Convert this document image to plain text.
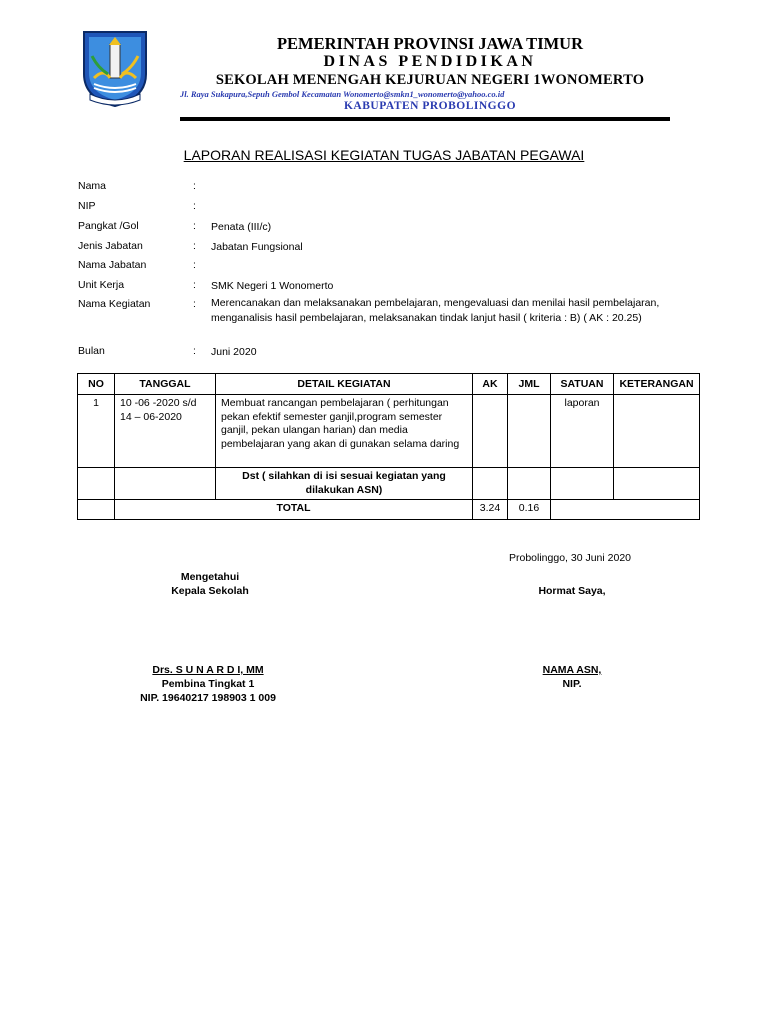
PEMERINTAH PROVINSI JAWA TIMUR
DINAS PENDIDIKAN
SEKOLAH MENENGAH KEJURUAN NEGERI 1WONOMERTO
Jl. Raya Sukapura,Sepuh Gembol Kecamatan Wonomerto@smkn1_wonomerto@yahoo.co.id
KABUPATEN PROBOLINGGO
LAPORAN REALISASI KEGIATAN TUGAS JABATAN PEGAWAI
Nama	:
NIP	:
Pangkat /Gol	: Penata (III/c)
Jenis Jabatan	: Jabatan Fungsional
Nama Jabatan	:
Unit Kerja	: SMK Negeri 1 Wonomerto
Nama Kegiatan	: Merencanakan dan melaksanakan pembelajaran, mengevaluasi dan menilai hasil pembelajaran, menganalisis hasil pembelajaran, melaksanakan tindak lanjut hasil ( kriteria : B) ( AK : 20.25)
Bulan	: Juni 2020
NO	TANGGAL	DETAIL KEGIATAN	AK	JML	SATUAN	KETERANGAN

1	10 -06 -2020 s/d 14 – 06-2020	Membuat rancangan pembelajaran ( perhitungan pekan efektif semester ganjil,program semester ganjil, pekan ulangan harian) dan media pembelajaran yang akan di gunakan selama daring			laporan	

		Dst ( silahkan di isi sesuai kegiatan yang dilakukan ASN)				

	TOTAL		3.24	0.16		

Probolinggo, 30 Juni 2020
Mengetahui
Kepala Sekolah	Hormat Saya,
Drs. S U N A R D I, MM
Pembina Tingkat 1
NIP. 19640217 198903 1 009
NAMA ASN,
NIP.
